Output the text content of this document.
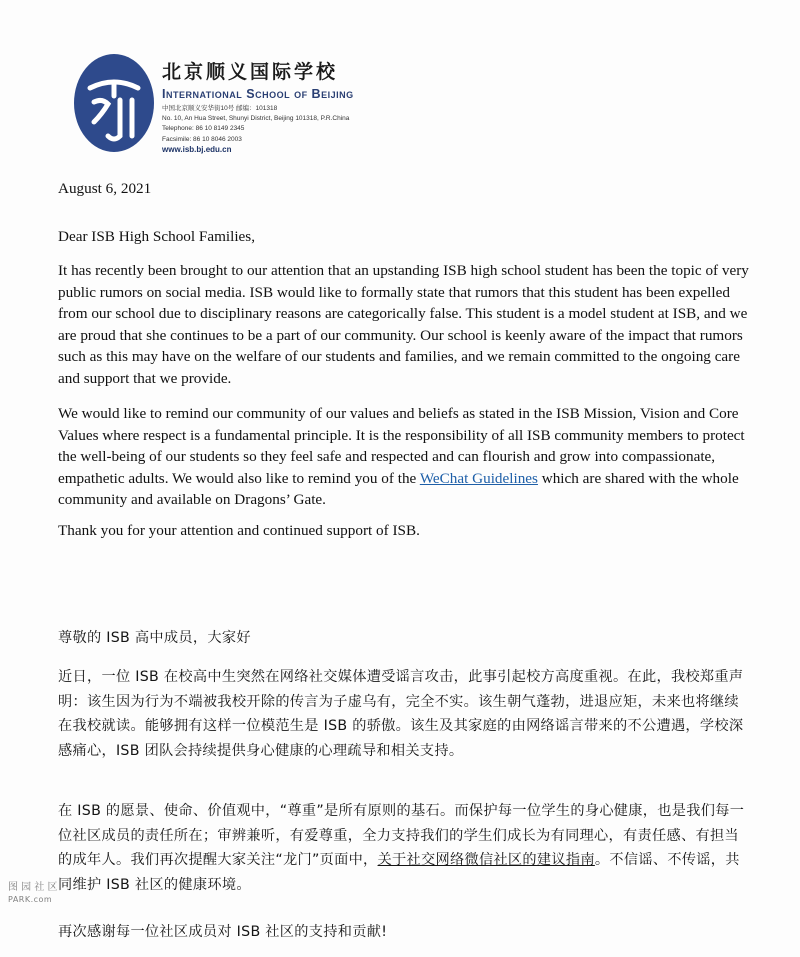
北京顺义国际学校
International School of Beijing
中国北京顺义安华街10号 邮编：101318
No. 10, An Hua Street, Shunyi District, Beijing 101318, P.R.China
Telephone: 86 10 8149 2345
Facsimile: 86 10 8046 2003
www.isb.bj.edu.cn
August 6, 2021
Dear ISB High School Families,
It has recently been brought to our attention that an upstanding ISB high school student has been the topic of very public rumors on social media. ISB would like to formally state that rumors that this student has been expelled from our school due to disciplinary reasons are categorically false. This student is a model student at ISB, and we are proud that she continues to be a part of our community. Our school is keenly aware of the impact that rumors such as this may have on the welfare of our students and families, and we remain committed to the ongoing care and support that we provide.
We would like to remind our community of our values and beliefs as stated in the ISB Mission, Vision and Core Values where respect is a fundamental principle. It is the responsibility of all ISB community members to protect the well-being of our students so they feel safe and respected and can flourish and grow into compassionate, empathetic adults. We would also like to remind you of the WeChat Guidelines which are shared with the whole community and available on Dragons’ Gate.
Thank you for your attention and continued support of ISB.
尊敬的 ISB 高中成员，大家好
近日，一位 ISB 在校高中生突然在网络社交媒体遭受谣言攻击，此事引起校方高度重视。在此，我校郑重声明：该生因为行为不端被我校开除的传言为子虚乌有，完全不实。该生朝气蓬勃，进退应矩，未来也将继续在我校就读。能够拥有这样一位模范生是 ISB 的骄傲。该生及其家庭的由网络谣言带来的不公遭遇，学校深感痛心，ISB 团队会持续提供身心健康的心理疏导和相关支持。
在 ISB 的愿景、使命、价值观中，“尊重”是所有原则的基石。而保护每一位学生的身心健康，也是我们每一位社区成员的责任所在；审辨兼听，有爱尊重，全力支持我们的学生们成长为有同理心，有责任感、有担当的成年人。我们再次提醒大家关注“龙门”页面中，关于社交网络微信社区的建议指南。不信谣、不传谣，共同维护 ISB 社区的健康环境。
再次感谢每一位社区成员对 ISB 社区的支持和贡献!
图 园 社 区
PARK.com
